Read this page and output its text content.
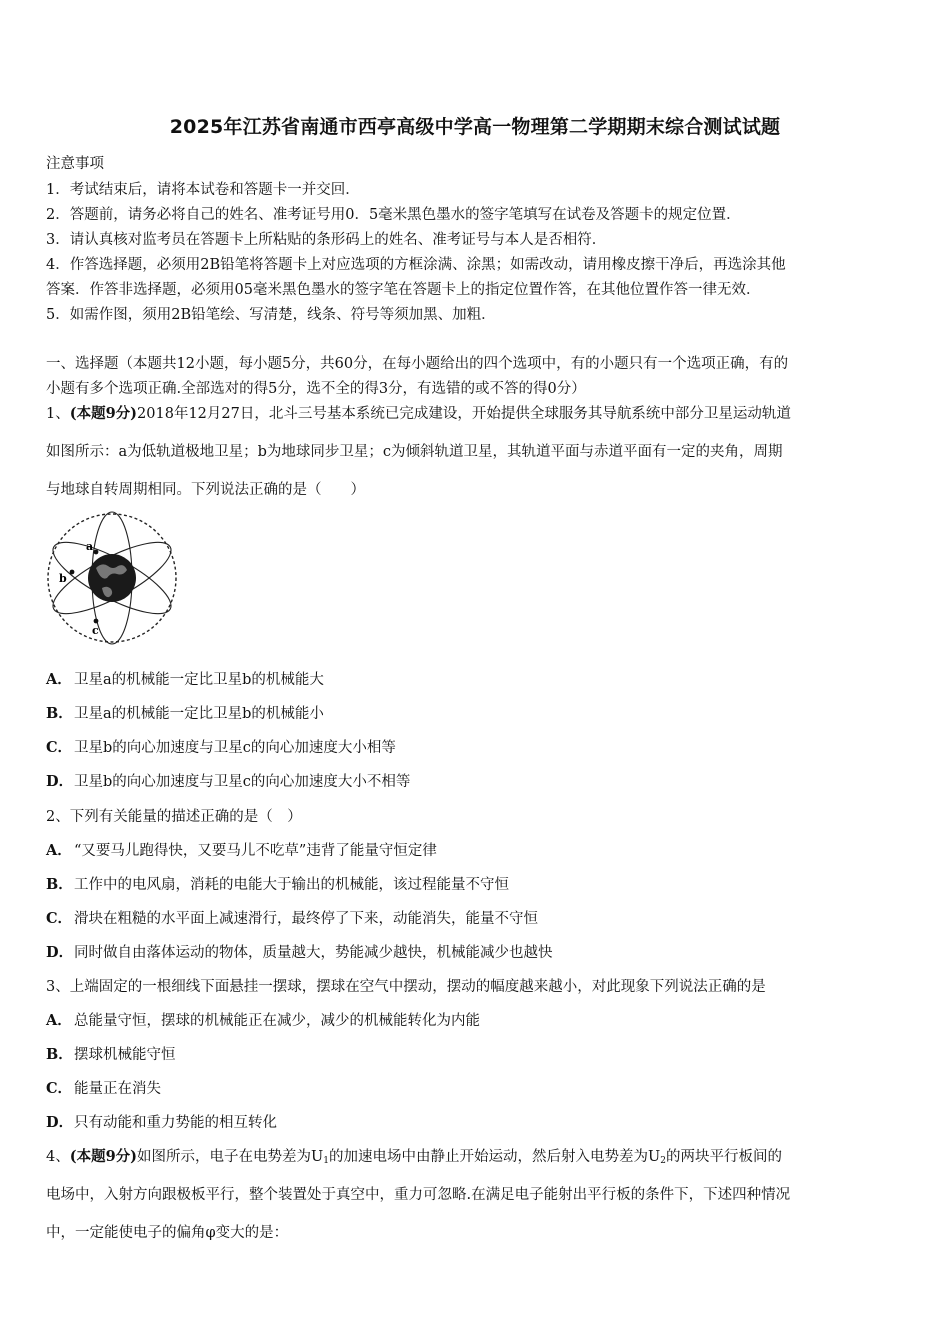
2025年江苏省南通市西亭高级中学高一物理第二学期期末综合测试试题
注意事项
1．考试结束后，请将本试卷和答题卡一并交回．
2．答题前，请务必将自己的姓名、准考证号用0．5毫米黑色墨水的签字笔填写在试卷及答题卡的规定位置．
3．请认真核对监考员在答题卡上所粘贴的条形码上的姓名、准考证号与本人是否相符．
4．作答选择题，必须用2B铅笔将答题卡上对应选项的方框涂满、涂黑；如需改动，请用橡皮擦干净后，再选涂其他
答案．作答非选择题，必须用05毫米黑色墨水的签字笔在答题卡上的指定位置作答，在其他位置作答一律无效．
5．如需作图，须用2B铅笔绘、写清楚，线条、符号等须加黑、加粗．
一、选择题（本题共12小题，每小题5分，共60分，在每小题给出的四个选项中，有的小题只有一个选项正确，有的
小题有多个选项正确.全部选对的得5分，选不全的得3分，有选错的或不答的得0分）
1、(本题9分)2018年12月27日，北斗三号基本系统已完成建设，开始提供全球服务其导航系统中部分卫星运动轨道
如图所示：a为低轨道极地卫星；b为地球同步卫星；c为倾斜轨道卫星，其轨道平面与赤道平面有一定的夹角，周期
与地球自转周期相同。下列说法正确的是（　　）
a
b
c
A． 卫星a的机械能一定比卫星b的机械能大
B．卫星a的机械能一定比卫星b的机械能小
C． 卫星b的向心加速度与卫星c的向心加速度大小相等
D．卫星b的向心加速度与卫星c的向心加速度大小不相等
2、下列有关能量的描述正确的是（　）
A． “又要马儿跑得快，又要马儿不吃草”违背了能量守恒定律
B．工作中的电风扇，消耗的电能大于输出的机械能，该过程能量不守恒
C． 滑块在粗糙的水平面上减速滑行，最终停了下来，动能消失，能量不守恒
D．同时做自由落体运动的物体，质量越大，势能减少越快，机械能减少也越快
3、上端固定的一根细线下面悬挂一摆球，摆球在空气中摆动，摆动的幅度越来越小，对此现象下列说法正确的是
A． 总能量守恒，摆球的机械能正在减少，减少的机械能转化为内能
B．摆球机械能守恒
C． 能量正在消失
D．只有动能和重力势能的相互转化
4、(本题9分)如图所示，电子在电势差为$U_1$的加速电场中由静止开始运动，然后射入电势差为$U_2$的两块平行板间的
电场中，入射方向跟极板平行，整个装置处于真空中，重力可忽略.在满足电子能射出平行板的条件下，下述四种情况
中，一定能使电子的偏角φ变大的是：
